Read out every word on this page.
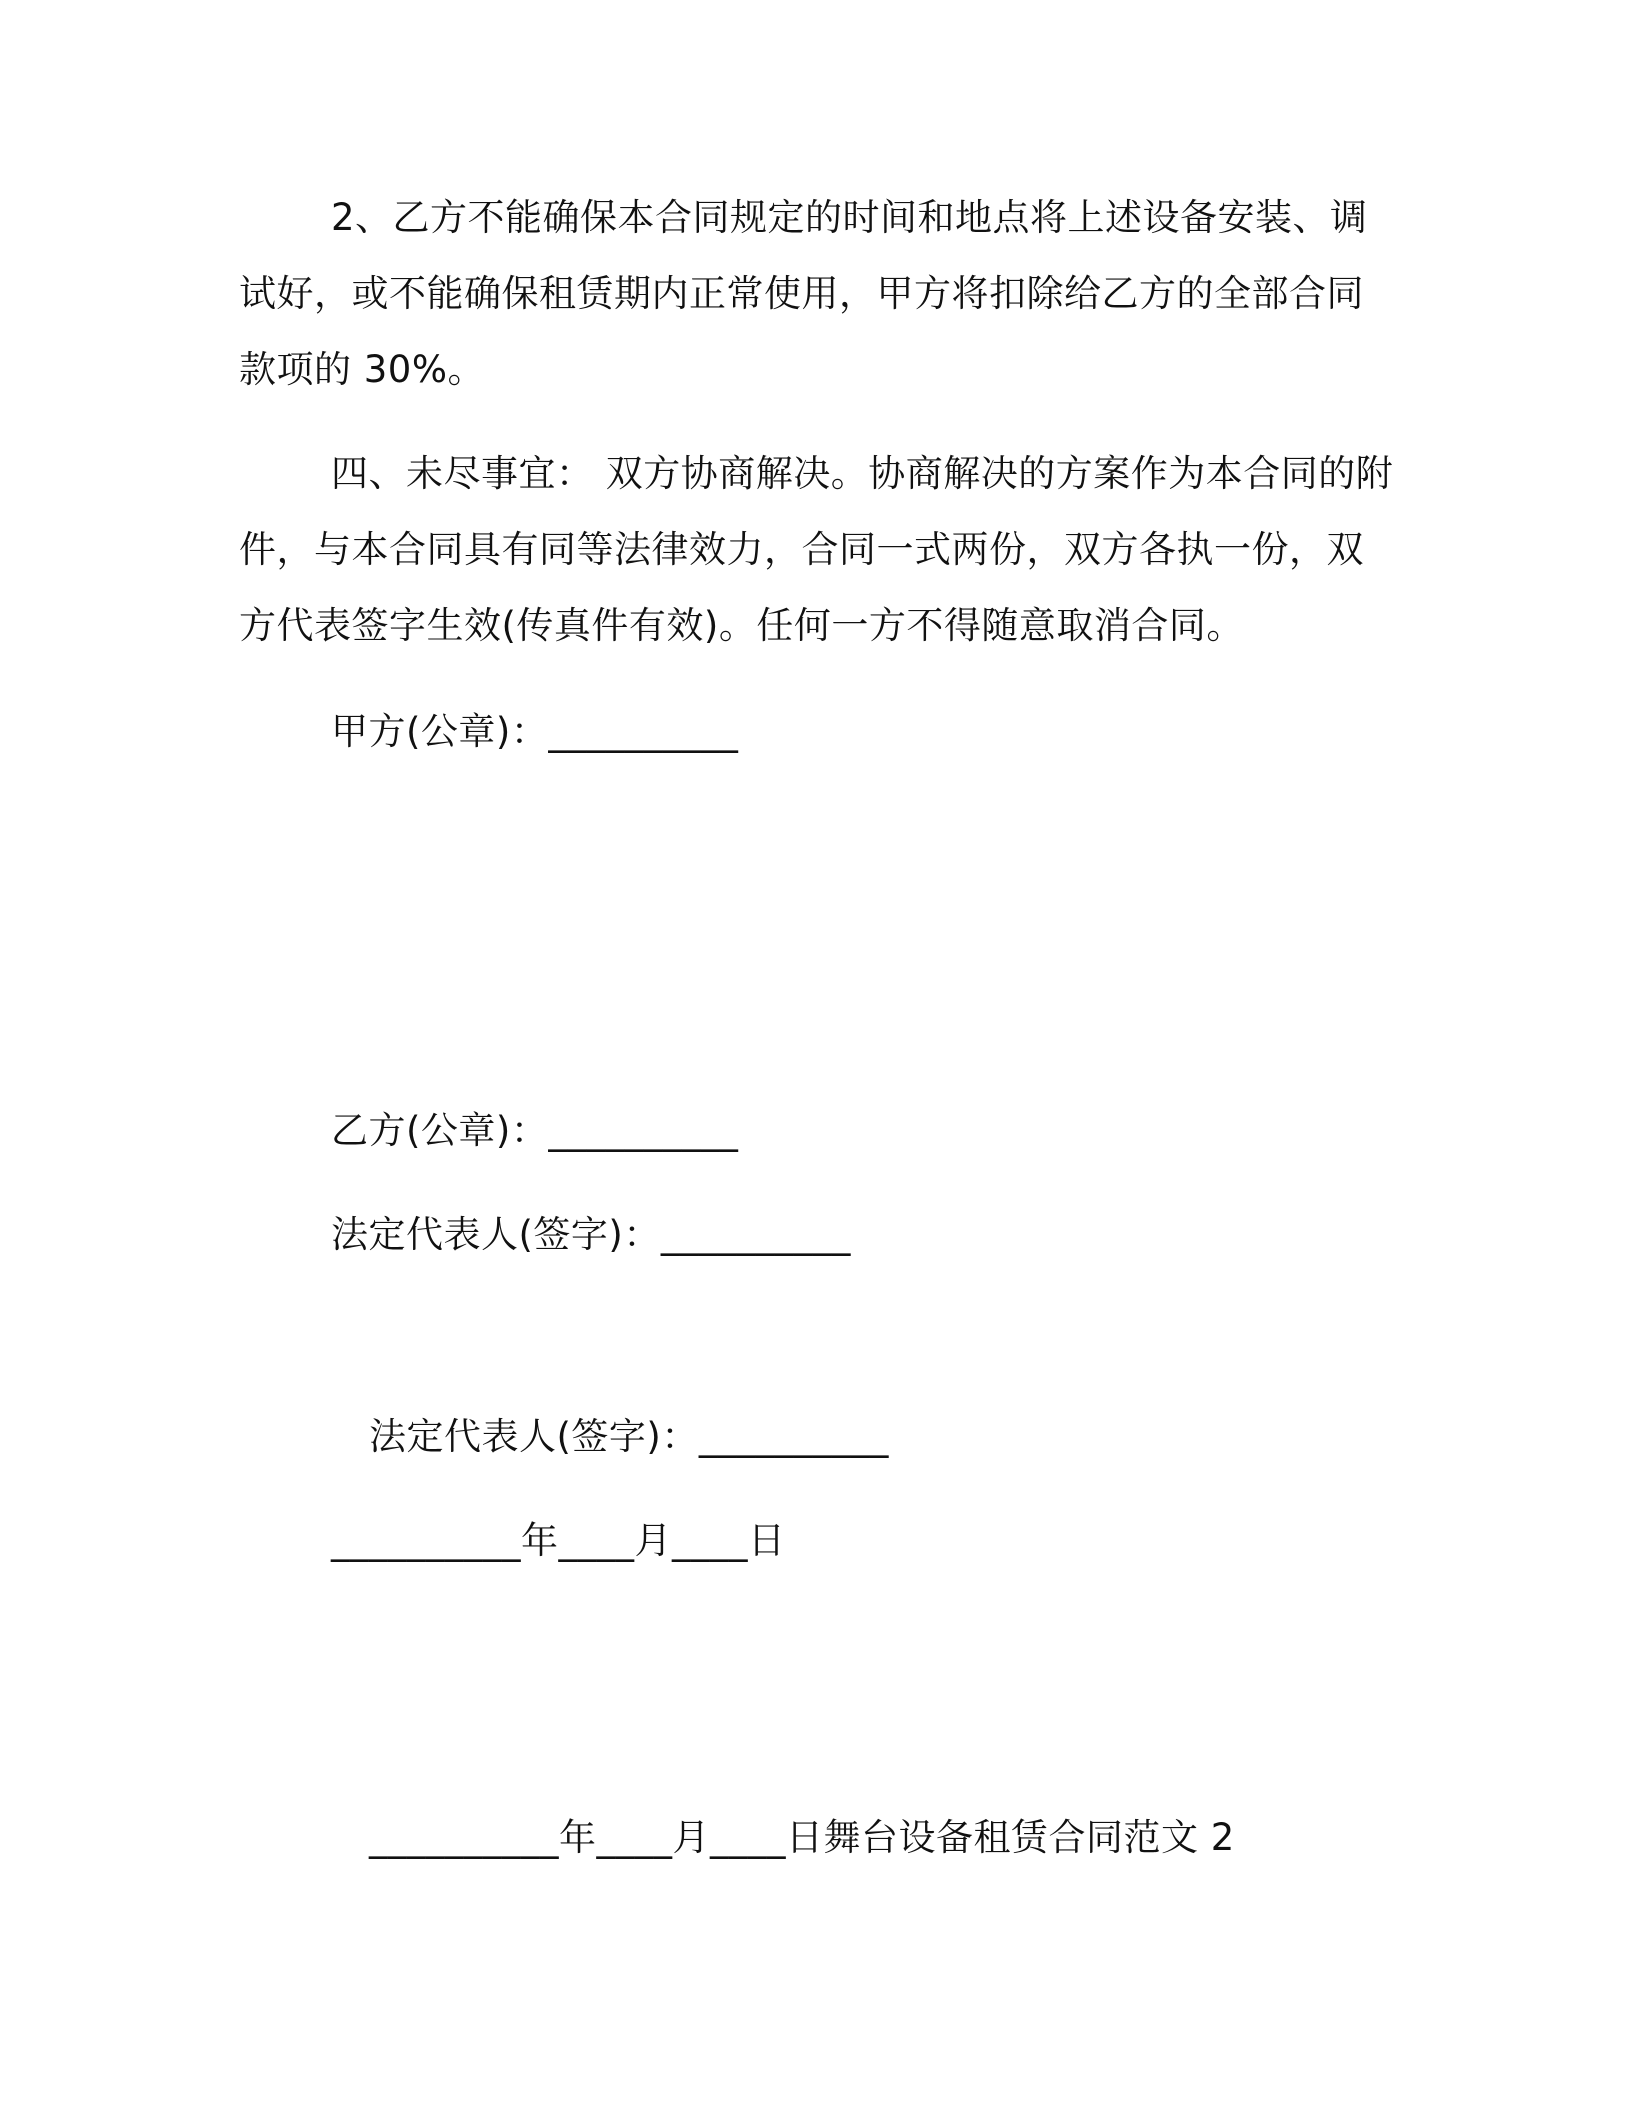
2、乙方不能确保本合同规定的时间和地点将上述设备安装、调
试好，或不能确保租赁期内正常使用，甲方将扣除给乙方的全部合同
款项的 30%。
四、未尽事宜： 双方协商解决。协商解决的方案作为本合同的附
件，与本合同具有同等法律效力，合同一式两份，双方各执一份，双
方代表签字生效(传真件有效)。任何一方不得随意取消合同。
甲方(公章)：__________
乙方(公章)：__________
法定代表人(签字)：__________
法定代表人(签字)：__________
__________年____月____日
__________年____月____日舞台设备租赁合同范文 2
